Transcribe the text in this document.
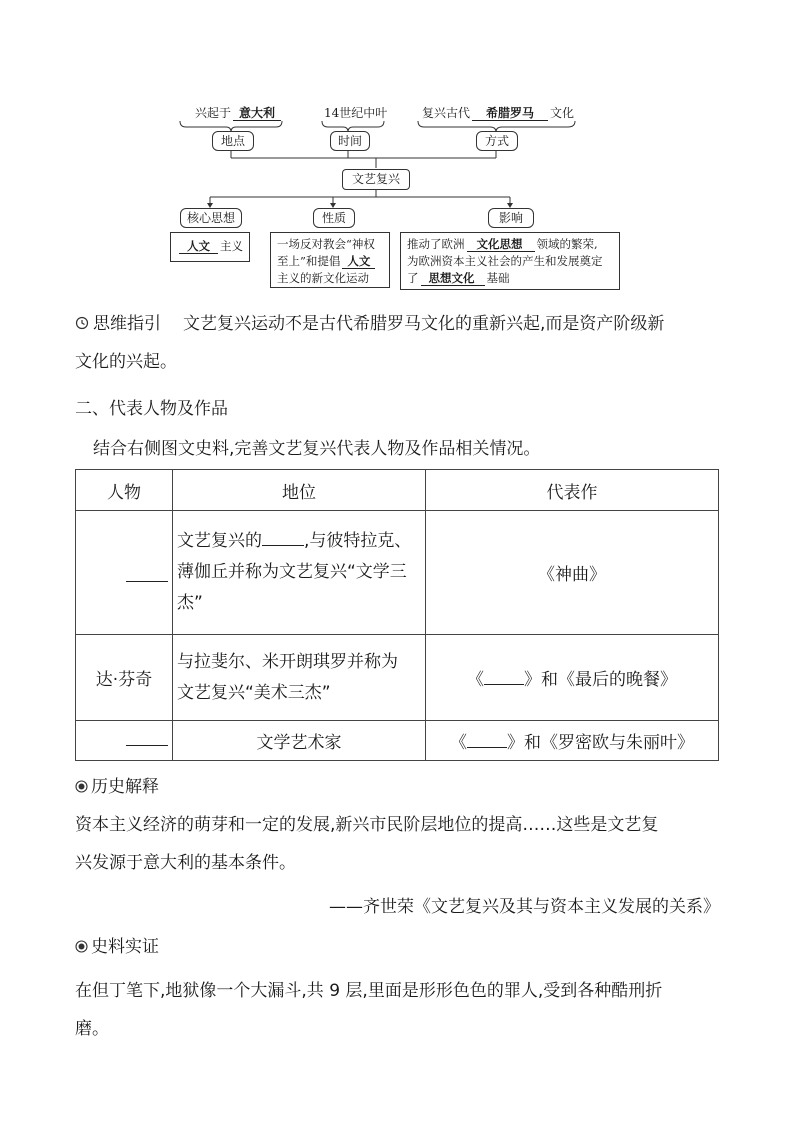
兴起于 意大利	14世纪中叶	复兴古代 希腊罗马 文化
地点	时间	方式
文艺复兴
核心思想	性质	影响
人文 主义	一场反对教会“神权
至上”和提倡 人文
主义的新文化运动
推动了欧洲 文化思想 领域的繁荣,
为欧洲资本主义社会的产生和发展奠定
了 思想文化 基础
思维指引 文艺复兴运动不是古代希腊罗马文化的重新兴起,而是资产阶级新
文化的兴起。
二、代表人物及作品
结合右侧图文史料,完善文艺复兴代表人物及作品相关情况。
人物	地位	代表作

	文艺复兴的 ,与彼特拉克、
薄伽丘并称为文艺复兴“文学三
杰”	《神曲》
达·芬奇	与拉斐尔、米开朗琪罗并称为
文艺复兴“美术三杰”	《 》和《最后的晚餐》
	文学艺术家	《 》和《罗密欧与朱丽叶》
历史解释
资本主义经济的萌芽和一定的发展,新兴市民阶层地位的提高……这些是文艺复
兴发源于意大利的基本条件。
——齐世荣《文艺复兴及其与资本主义发展的关系》
史料实证
在但丁笔下,地狱像一个大漏斗,共 9 层,里面是形形色色的罪人,受到各种酷刑折
磨。
